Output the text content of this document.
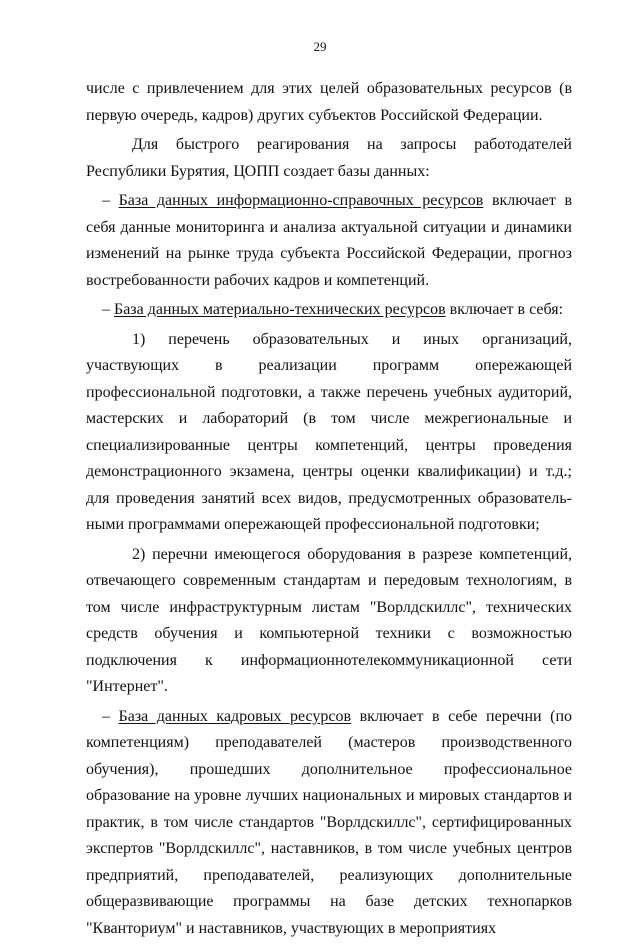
29

числе с привлечением для этих целей образовательных ресурсов (в первую очередь, кадров) других субъектов Российской Федерации.

Для быстрого реагирования на запросы работодателей Республики Бурятия, ЦОПП создает базы данных:

– База данных информационно-справочных ресурсов включает в себя данные мониторинга и анализа актуальной ситуации и динамики изменений на рынке труда субъекта Российской Федерации, прогноз востребованности рабочих кадров и компетенций.

– База данных материально-технических ресурсов включает в себя:

1) перечень образовательных и иных организаций, участвующих в реализации программ опережающей профессиональной подготовки, а также перечень учебных аудиторий, мастерских и лабораторий (в том числе межрегиональные и специализированные центры компетенций, центры проведения демонстрационного экзамена, центры оценки квалификации) и т.д.; для проведения занятий всех видов, предусмотренных образовательными программами опережающей профессиональной подготовки;

2) перечни имеющегося оборудования в разрезе компетенций, отвечающего современным стандартам и передовым технологиям, в том числе инфраструктурным листам "Ворлдскиллс", технических средств обучения и компьютерной техники с возможностью подключения к информационнотелекоммуникационной сети "Интернет".

– База данных кадровых ресурсов включает в себе перечни (по компетенциям) преподавателей (мастеров производственного обучения), прошедших дополнительное профессиональное образование на уровне лучших национальных и мировых стандартов и практик, в том числе стандартов "Ворлдскиллс", сертифицированных экспертов "Ворлдскиллс", наставников, в том числе учебных центров предприятий, преподавателей, реализующих дополнительные общеразвивающие программы на базе детских технопарков "Кванториум" и наставников, участвующих в мероприятиях
